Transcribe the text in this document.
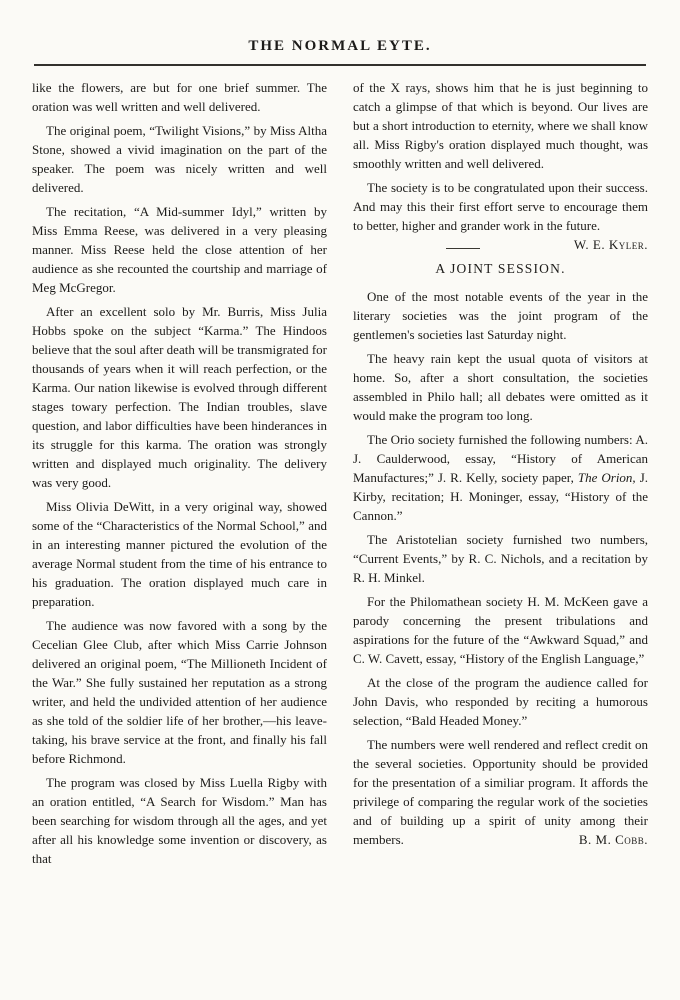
THE NORMAL EYTE.

like the flowers, are but for one brief summer. The oration was well written and well delivered.

The original poem, “Twilight Visions,” by Miss Altha Stone, showed a vivid imagination on the part of the speaker. The poem was nicely written and well delivered.

The recitation, “A Mid-summer Idyl,” written by Miss Emma Reese, was delivered in a very pleasing manner. Miss Reese held the close attention of her audience as she recounted the courtship and marriage of Meg McGregor.

After an excellent solo by Mr. Burris, Miss Julia Hobbs spoke on the subject “Karma.” The Hindoos believe that the soul after death will be transmigrated for thousands of years when it will reach perfection, or the Karma. Our nation likewise is evolved through different stages towary perfection. The Indian troubles, slave question, and labor difficulties have been hinderances in its struggle for this karma. The oration was strongly written and displayed much originality. The delivery was very good.

Miss Olivia DeWitt, in a very original way, showed some of the “Characteristics of the Normal School,” and in an interesting manner pictured the evolution of the average Normal student from the time of his entrance to his graduation. The oration displayed much care in preparation.

The audience was now favored with a song by the Cecelian Glee Club, after which Miss Carrie Johnson delivered an original poem, “The Millioneth Incident of the War.” She fully sustained her reputation as a strong writer, and held the undivided attention of her audience as she told of the soldier life of her brother,—his leave-taking, his brave service at the front, and finally his fall before Richmond.

The program was closed by Miss Luella Rigby with an oration entitled, “A Search for Wisdom.” Man has been searching for wisdom through all the ages, and yet after all his knowledge some invention or discovery, as that

of the X rays, shows him that he is just beginning to catch a glimpse of that which is beyond. Our lives are but a short introduction to eternity, where we shall know all. Miss Rigby's oration displayed much thought, was smoothly written and well delivered.

The society is to be congratulated upon their success. And may this their first effort serve to encourage them to better, higher and grander work in the future.
W. E. Kyler.

A JOINT SESSION.

One of the most notable events of the year in the literary societies was the joint program of the gentlemen's societies last Saturday night.

The heavy rain kept the usual quota of visitors at home. So, after a short consultation, the societies assembled in Philo hall; all debates were omitted as it would make the program too long.

The Orio society furnished the following numbers: A. J. Caulderwood, essay, “History of American Manufactures;” J. R. Kelly, society paper, The Orion, J. Kirby, recitation; H. Moninger, essay, “History of the Cannon.”

The Aristotelian society furnished two numbers, “Current Events,” by R. C. Nichols, and a recitation by R. H. Minkel.

For the Philomathean society H. M. McKeen gave a parody concerning the present tribulations and aspirations for the future of the “Awkward Squad,” and C. W. Cavett, essay, “History of the English Language,”

At the close of the program the audience called for John Davis, who responded by reciting a humorous selection, “Bald Headed Money.”

The numbers were well rendered and reflect credit on the several societies. Opportunity should be provided for the presentation of a similiar program. It affords the privilege of comparing the regular work of the societies and of building up a spirit of unity among their members.	B. M. Cobb.
